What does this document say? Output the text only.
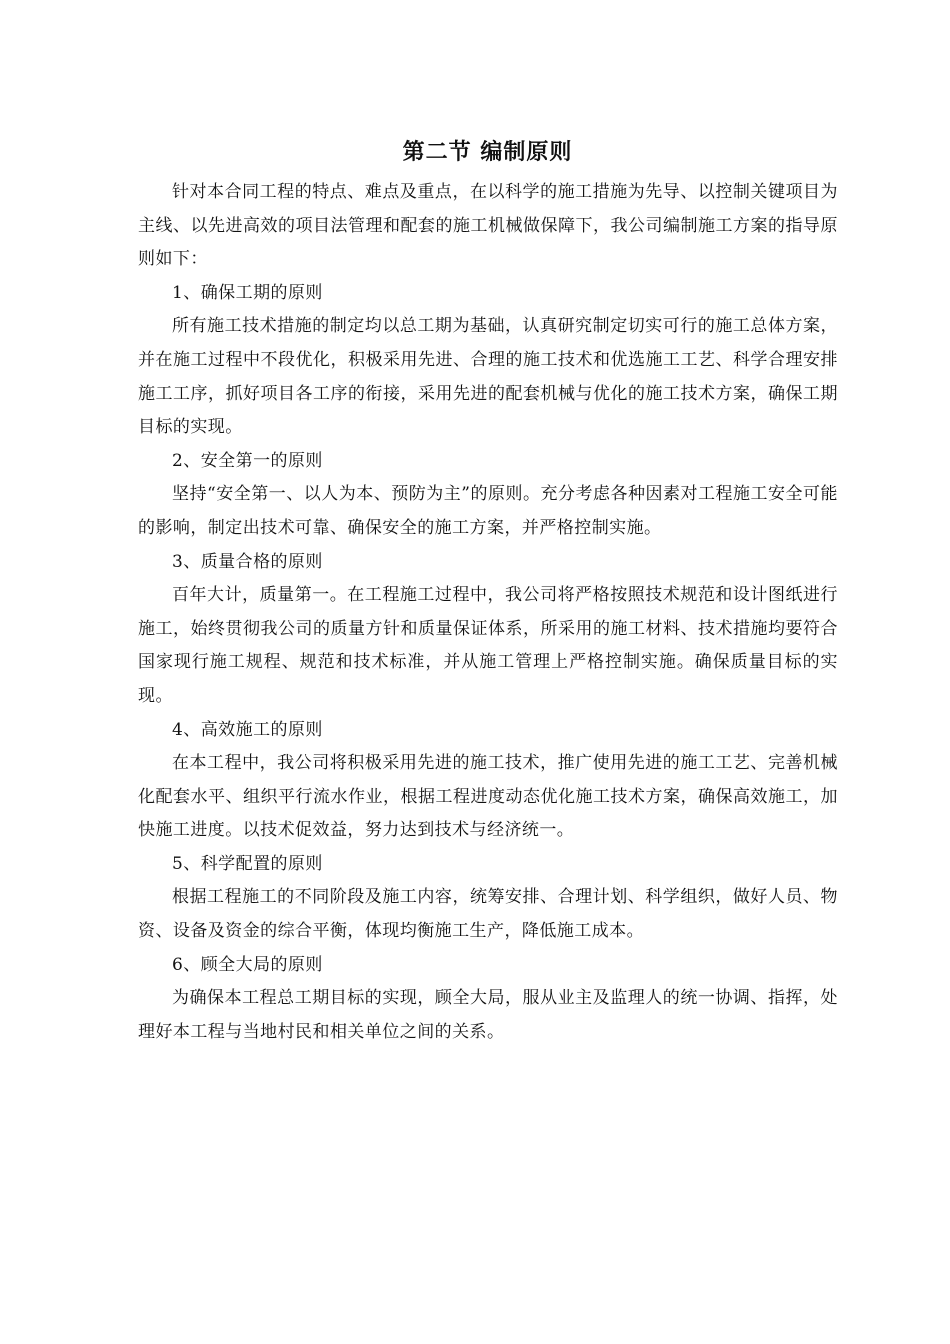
第二节 编制原则

针对本合同工程的特点、难点及重点，在以科学的施工措施为先导、以控制关键项目为主线、以先进高效的项目法管理和配套的施工机械做保障下，我公司编制施工方案的指导原则如下：

1、确保工期的原则

所有施工技术措施的制定均以总工期为基础，认真研究制定切实可行的施工总体方案，并在施工过程中不段优化，积极采用先进、合理的施工技术和优选施工工艺、科学合理安排施工工序，抓好项目各工序的衔接，采用先进的配套机械与优化的施工技术方案，确保工期目标的实现。

2、安全第一的原则

坚持“安全第一、以人为本、预防为主”的原则。充分考虑各种因素对工程施工安全可能的影响，制定出技术可靠、确保安全的施工方案，并严格控制实施。

3、质量合格的原则

百年大计，质量第一。在工程施工过程中，我公司将严格按照技术规范和设计图纸进行施工，始终贯彻我公司的质量方针和质量保证体系，所采用的施工材料、技术措施均要符合国家现行施工规程、规范和技术标准，并从施工管理上严格控制实施。确保质量目标的实现。

4、高效施工的原则

在本工程中，我公司将积极采用先进的施工技术，推广使用先进的施工工艺、完善机械化配套水平、组织平行流水作业，根据工程进度动态优化施工技术方案，确保高效施工，加快施工进度。以技术促效益，努力达到技术与经济统一。

5、科学配置的原则

根据工程施工的不同阶段及施工内容，统筹安排、合理计划、科学组织，做好人员、物资、设备及资金的综合平衡，体现均衡施工生产，降低施工成本。

6、顾全大局的原则

为确保本工程总工期目标的实现，顾全大局，服从业主及监理人的统一协调、指挥，处理好本工程与当地村民和相关单位之间的关系。
